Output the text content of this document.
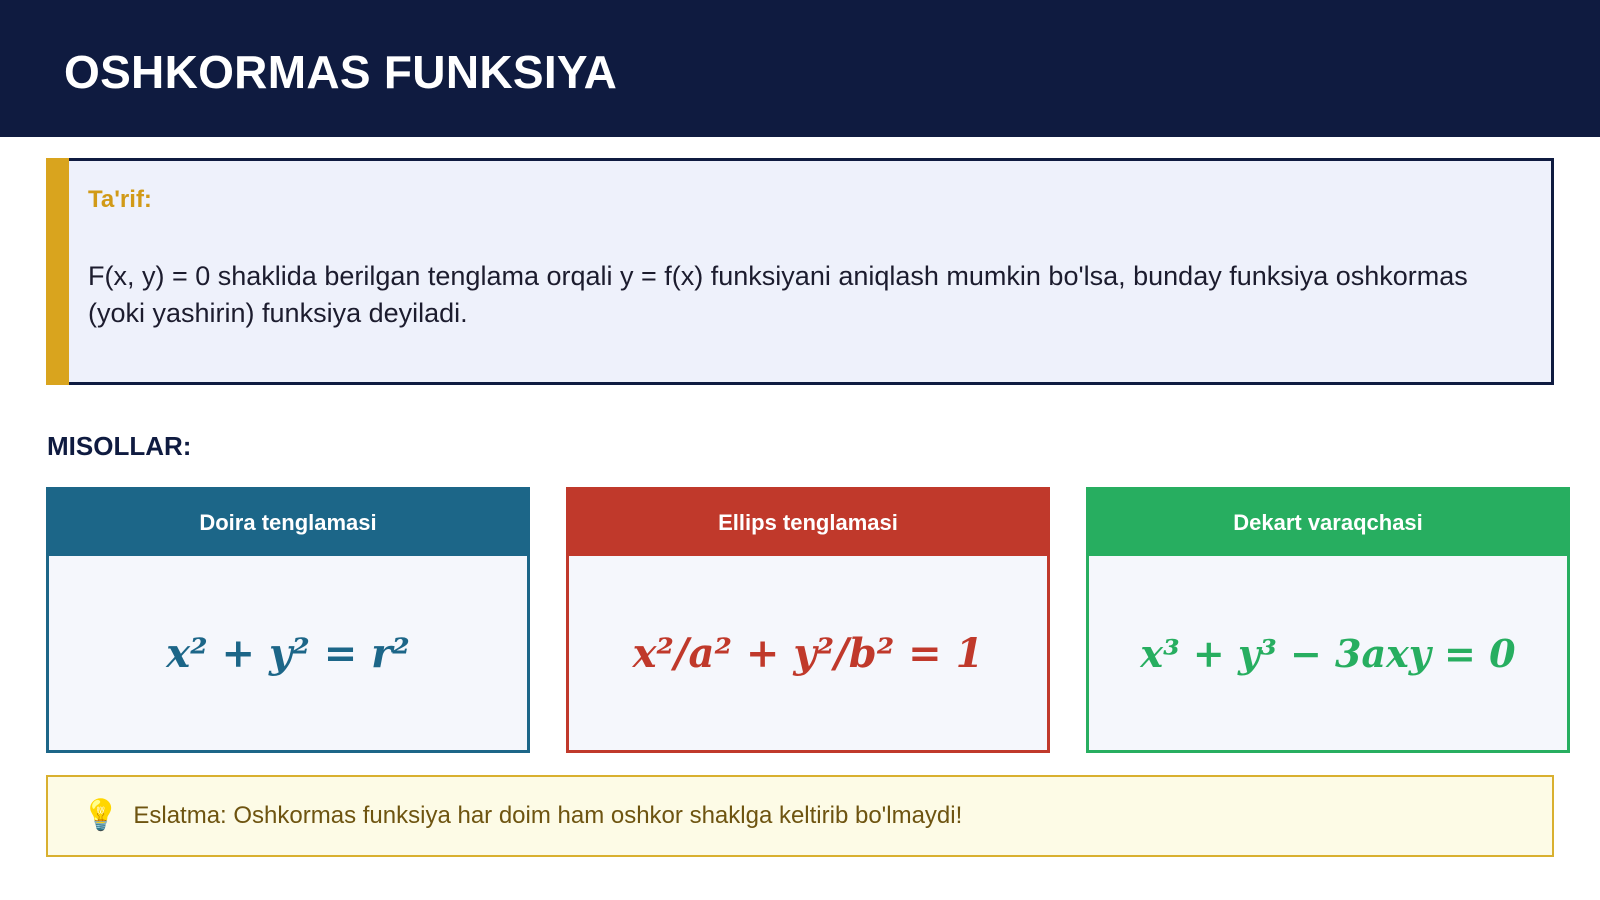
OSHKORMAS FUNKSIYA
Ta'rif:
F(x, y) = 0 shaklida berilgan tenglama orqali y = f(x) funksiyani aniqlash mumkin bo'lsa, bunday funksiya oshkormas (yoki yashirin) funksiya deyiladi.
MISOLLAR:
Doira tenglamasi
x² + y² = r²
Ellips tenglamasi
x²/a² + y²/b² = 1
Dekart varaqchasi
x³ + y³ − 3axy = 0
💡 Eslatma: Oshkormas funksiya har doim ham oshkor shaklga keltirib bo'lmaydi!
